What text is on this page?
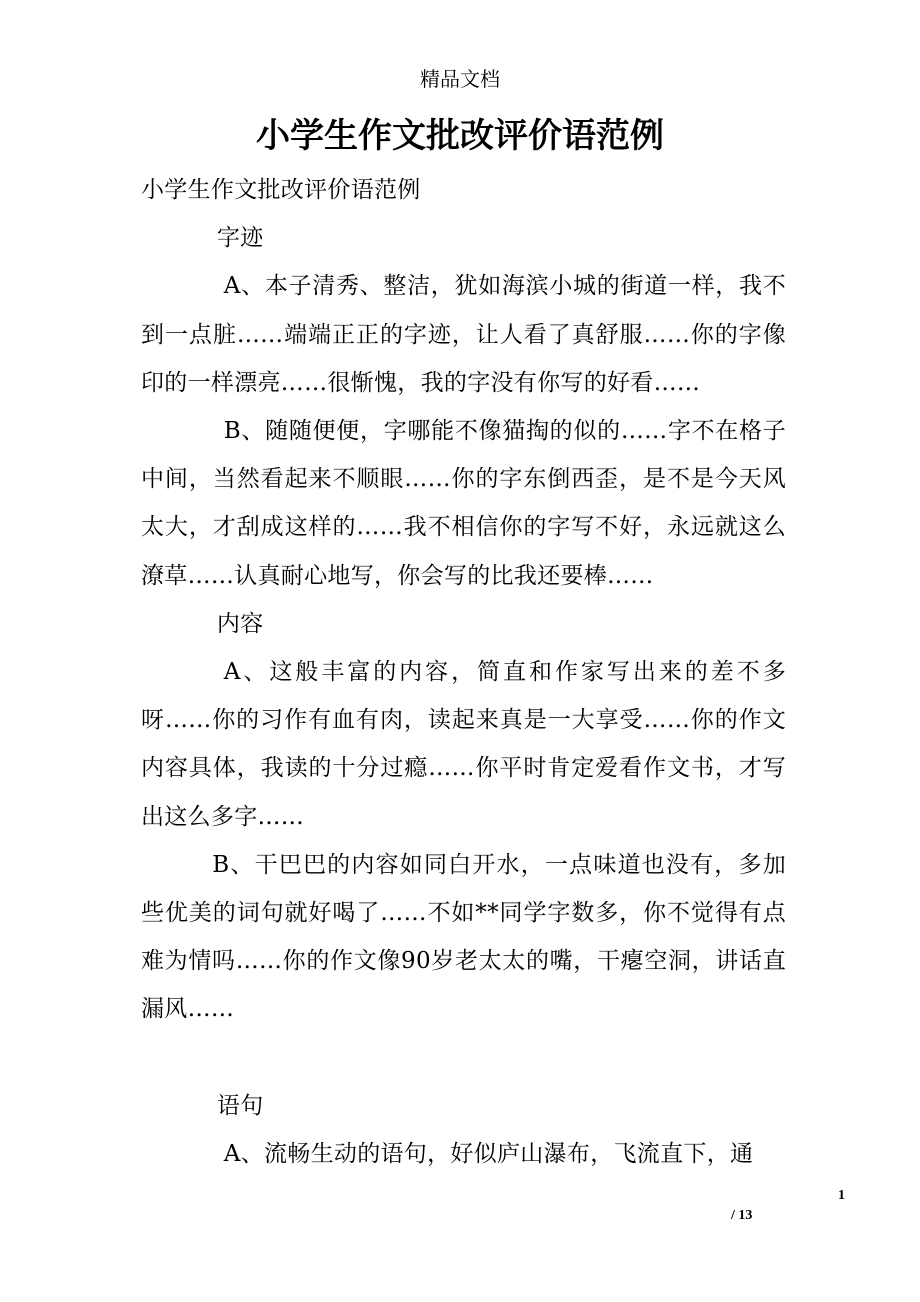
精品文档
小学生作文批改评价语范例

小学生作文批改评价语范例

字迹

A、本子清秀、整洁，犹如海滨小城的街道一样，我不到一点脏……端端正正的字迹，让人看了真舒服……你的字像印的一样漂亮……很惭愧，我的字没有你写的好看……

B、随随便便，字哪能不像猫掏的似的……字不在格子中间，当然看起来不顺眼……你的字东倒西歪，是不是今天风太大，才刮成这样的……我不相信你的字写不好，永远就这么潦草……认真耐心地写，你会写的比我还要棒……

内容

A、这般丰富的内容，简直和作家写出来的差不多呀……你的习作有血有肉，读起来真是一大享受……你的作文内容具体，我读的十分过瘾……你平时肯定爱看作文书，才写出这么多字……

B、干巴巴的内容如同白开水，一点味道也没有，多加些优美的词句就好喝了……不如**同学字数多，你不觉得有点难为情吗……你的作文像90岁老太太的嘴，干瘪空洞，讲话直漏风……

语句

A、流畅生动的语句，好似庐山瀑布，飞流直下，通

1
/ 13
